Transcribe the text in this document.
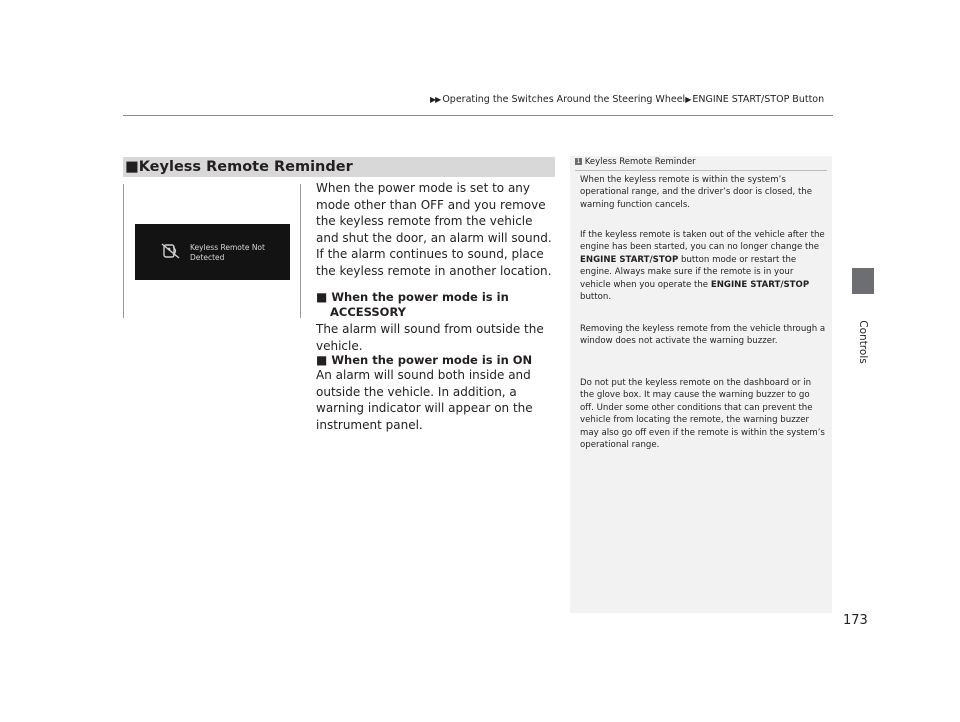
▶▶ Operating the Switches Around the Steering Wheel▶ ENGINE START/STOP Button
Controls
■Keyless Remote Reminder
Keyless Remote Not
Detected
When the power mode is set to any mode other than OFF and you remove the keyless remote from the vehicle and shut the door, an alarm will sound. If the alarm continues to sound, place the keyless remote in another location.
■ When the power mode is in
ACCESSORY
The alarm will sound from outside the vehicle.
■ When the power mode is in ON
An alarm will sound both inside and outside the vehicle. In addition, a warning indicator will appear on the instrument panel.
1 Keyless Remote Reminder
When the keyless remote is within the system’s operational range, and the driver’s door is closed, the warning function cancels.
If the keyless remote is taken out of the vehicle after the engine has been started, you can no longer change the ENGINE START/STOP button mode or restart the engine. Always make sure if the remote is in your vehicle when you operate the ENGINE START/STOP button.
Removing the keyless remote from the vehicle through a window does not activate the warning buzzer.
Do not put the keyless remote on the dashboard or in the glove box. It may cause the warning buzzer to go off. Under some other conditions that can prevent the vehicle from locating the remote, the warning buzzer may also go off even if the remote is within the system’s operational range.
173
